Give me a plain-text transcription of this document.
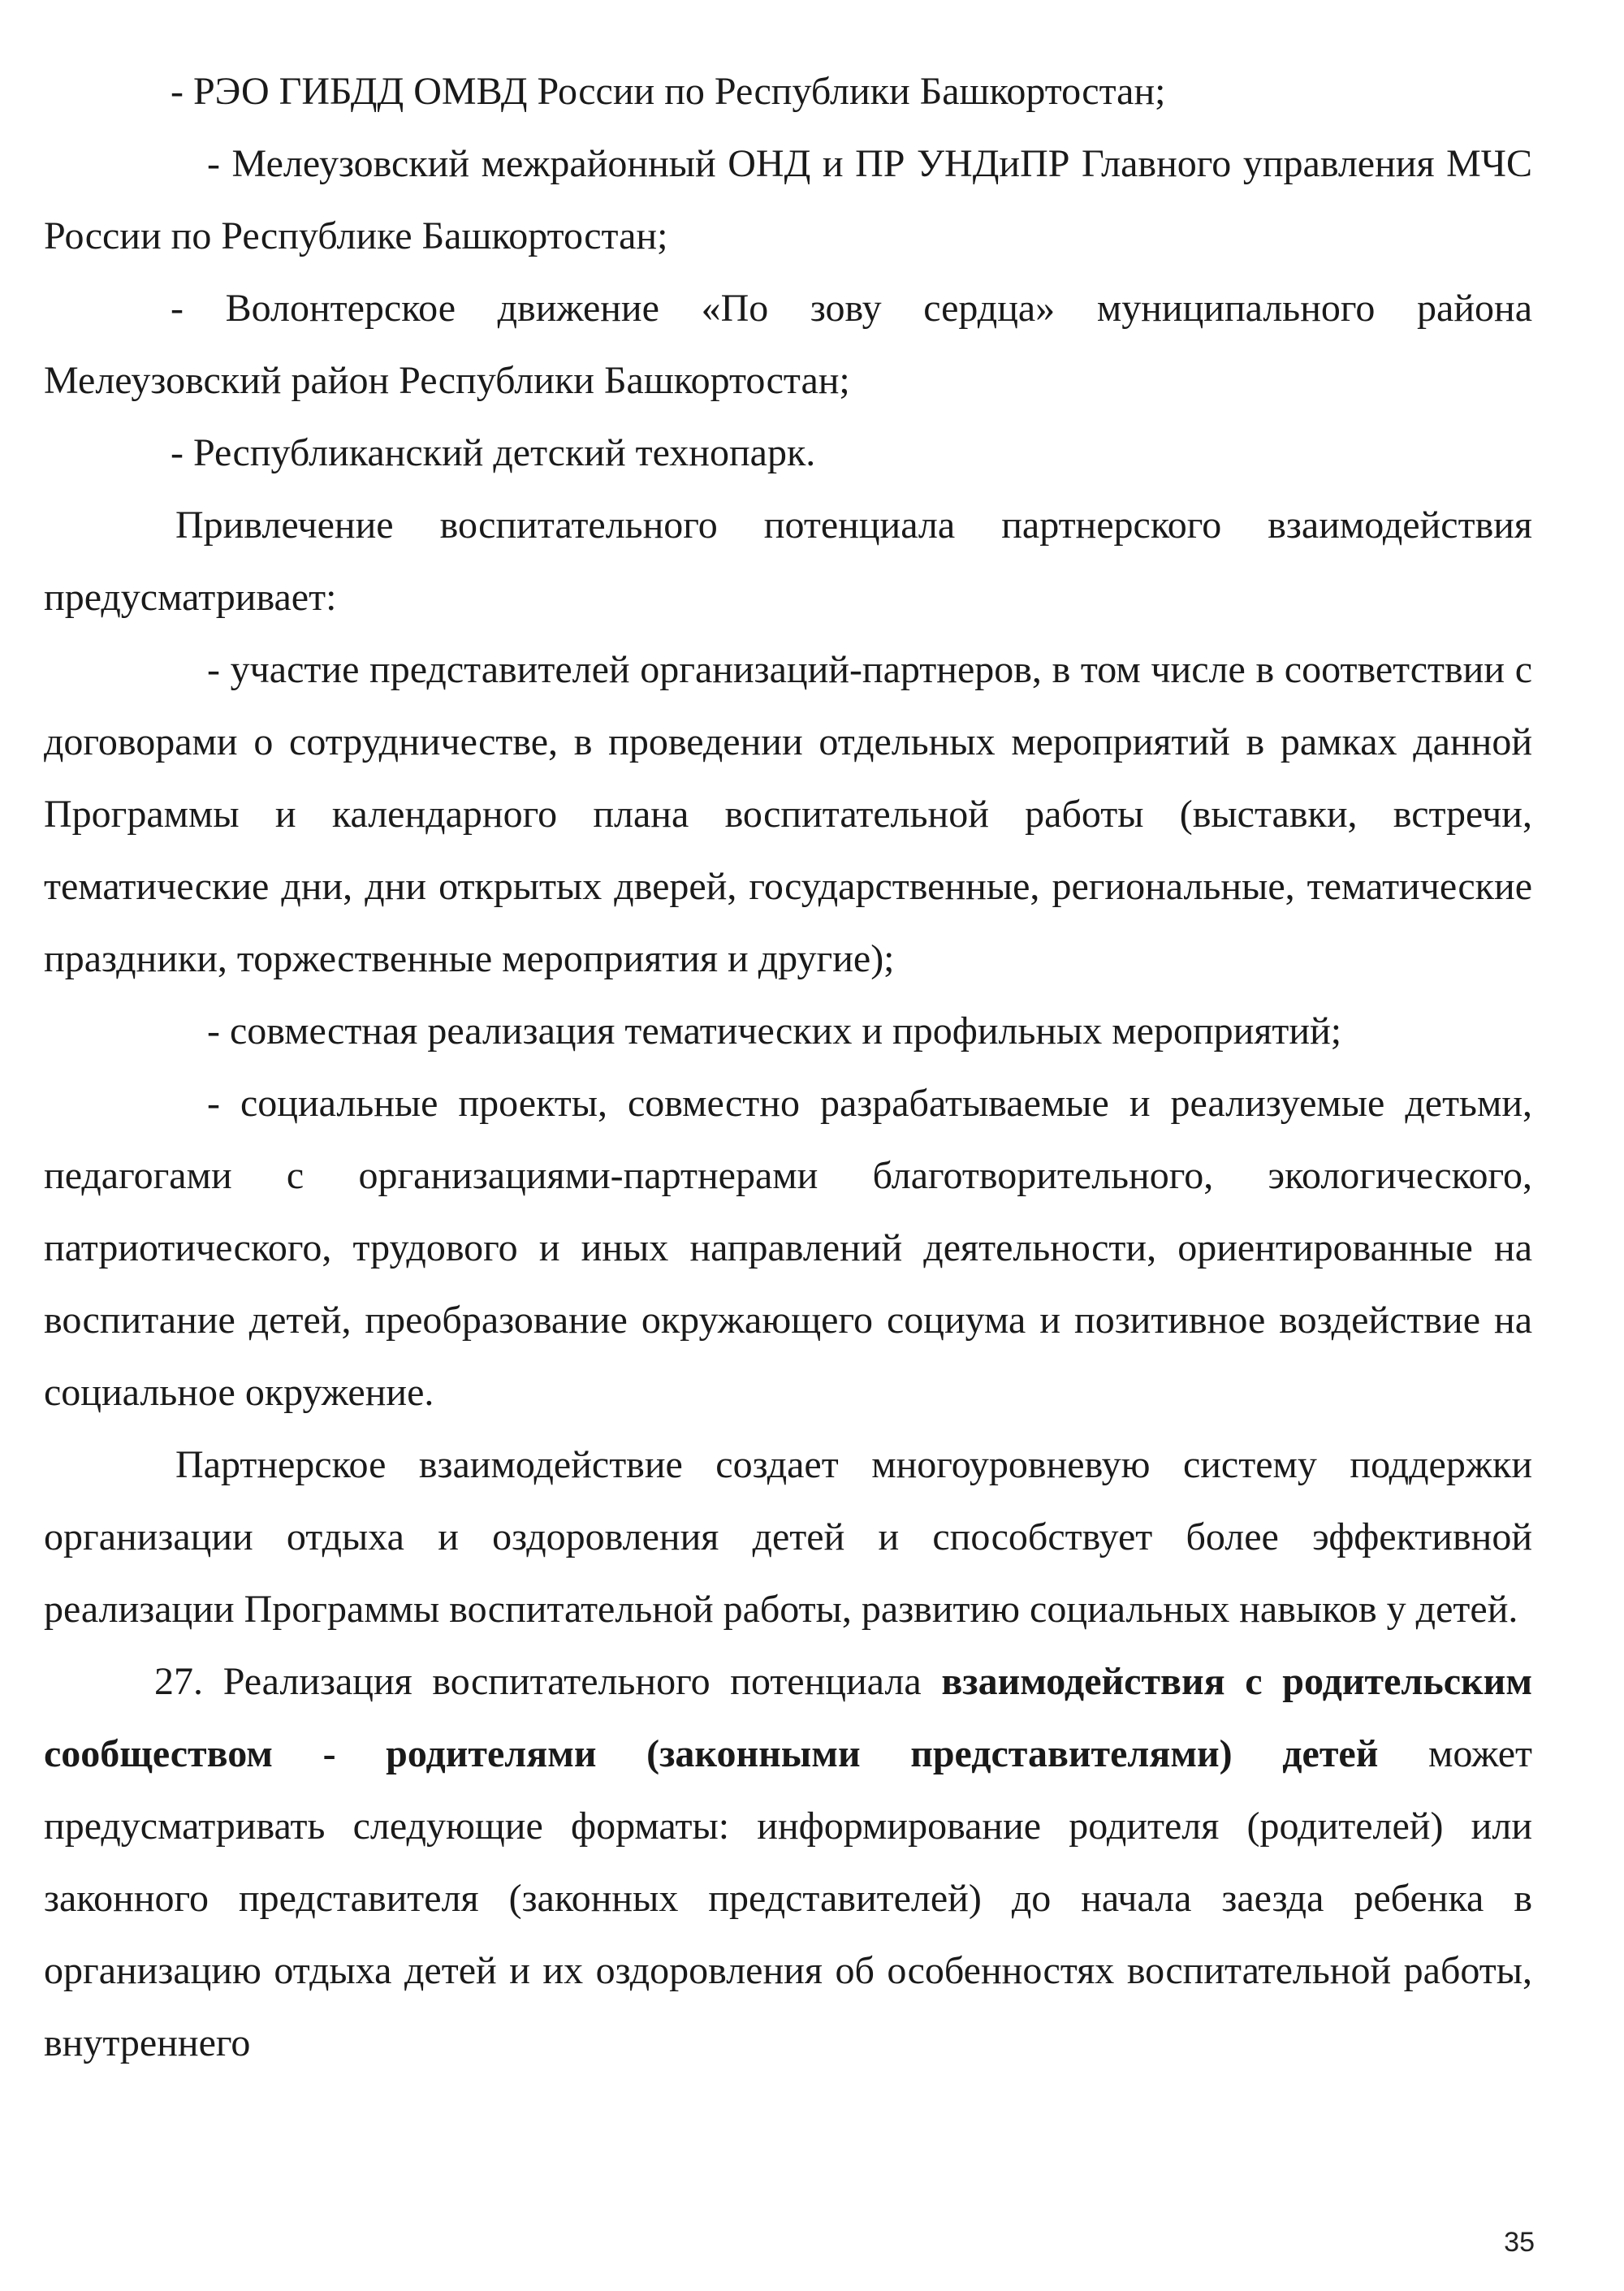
- РЭО ГИБДД ОМВД России по Республики Башкортостан;

- Мелеузовский межрайонный ОНД и ПР УНДиПР Главного управления МЧС России по Республике Башкортостан;

- Волонтерское движение «По зову сердца» муниципального района Мелеузовский район Республики Башкортостан;

- Республиканский детский технопарк.

Привлечение воспитательного потенциала партнерского взаимодействия предусматривает:

- участие представителей организаций-партнеров, в том числе в соответствии с договорами о сотрудничестве, в проведении отдельных мероприятий в рамках данной Программы и календарного плана воспитательной работы (выставки, встречи, тематические дни, дни открытых дверей, государственные, региональные, тематические праздники, торжественные мероприятия и другие);

- совместная реализация тематических и профильных мероприятий;

- социальные проекты, совместно разрабатываемые и реализуемые детьми, педагогами с организациями-партнерами благотворительного, экологического, патриотического, трудового и иных направлений деятельности, ориентированные на воспитание детей, преобразование окружающего социума и позитивное воздействие на социальное окружение.

Партнерское взаимодействие создает многоуровневую систему поддержки организации отдыха и оздоровления детей и способствует более эффективной реализации Программы воспитательной работы, развитию социальных навыков у детей.

27. Реализация воспитательного потенциала взаимодействия с родительским сообществом - родителями (законными представителями) детей может предусматривать следующие форматы: информирование родителя (родителей) или законного представителя (законных представителей) до начала заезда ребенка в организацию отдыха детей и их оздоровления об особенностях воспитательной работы, внутреннего

35
